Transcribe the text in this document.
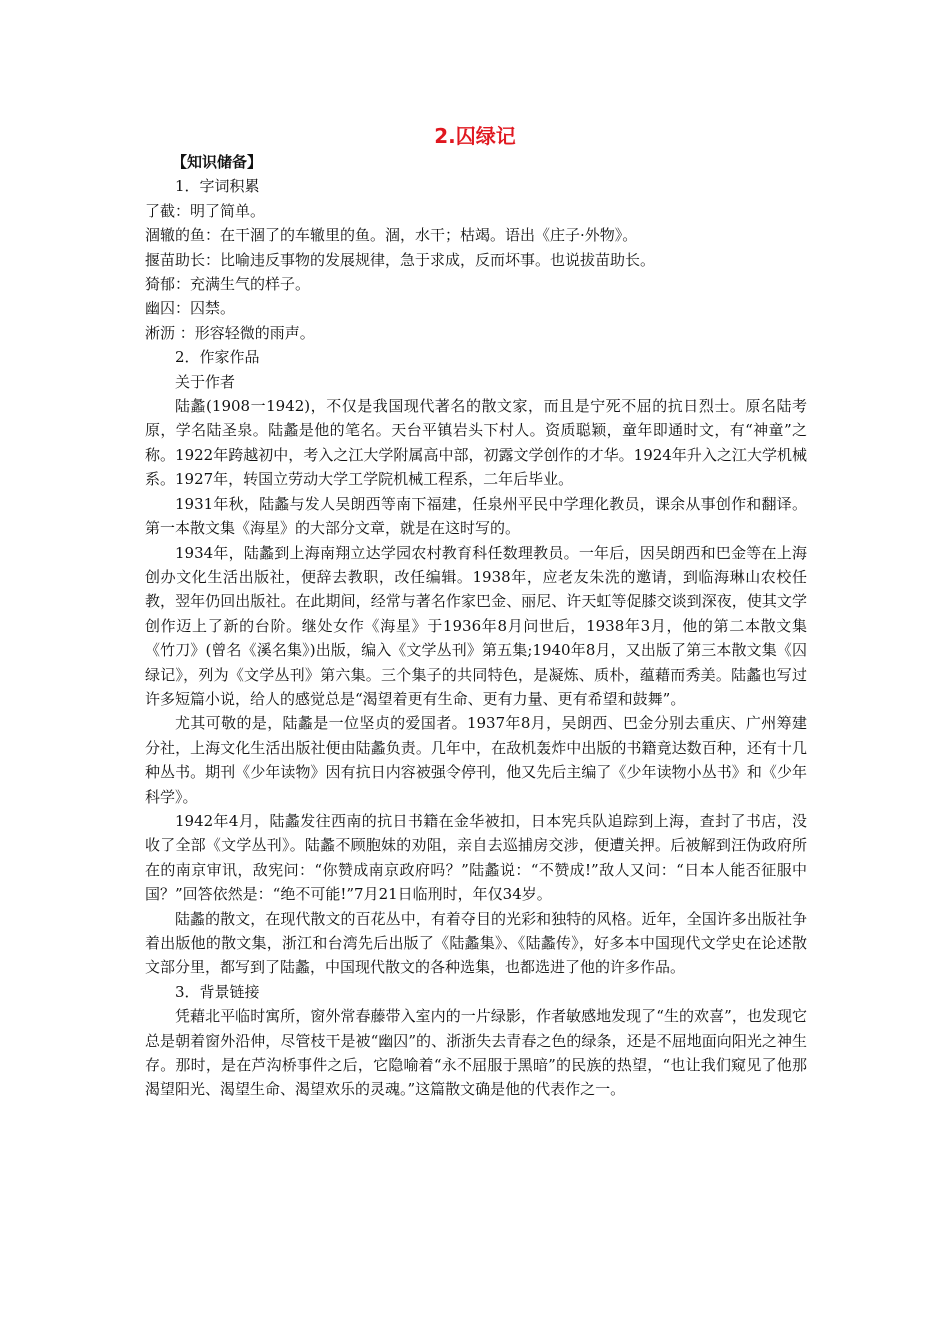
2.囚绿记
【知识储备】
1．字词积累
了截：明了简单。
涸辙的鱼：在干涸了的车辙里的鱼。涸，水干；枯竭。语出《庄子·外物》。
揠苗助长：比喻违反事物的发展规律，急于求成，反而坏事。也说拔苗助长。
猗郁：充满生气的样子。
幽囚：囚禁。
淅沥 ：形容轻微的雨声。
2．作家作品
关于作者

陆蠡(1908一1942)，不仅是我国现代著名的散文家，而且是宁死不屈的抗日烈士。原名陆考原，学名陆圣泉。陆蠡是他的笔名。天台平镇岩头下村人。资质聪颖，童年即通时文，有“神童”之称。1922年跨越初中，考入之江大学附属高中部，初露文学创作的才华。1924年升入之江大学机械系。1927年，转国立劳动大学工学院机械工程系，二年后毕业。

1931年秋，陆蠡与发人吴朗西等南下福建，任泉州平民中学理化教员，课余从事创作和翻译。第一本散文集《海星》的大部分文章，就是在这时写的。

1934年，陆蠡到上海南翔立达学园农村教育科任数理教员。一年后，因吴朗西和巴金等在上海创办文化生活出版社，便辞去教职，改任编辑。1938年，应老友朱洗的邀请，到临海琳山农校任教，翌年仍回出版社。在此期间，经常与著名作家巴金、丽尼、许天虹等促膝交谈到深夜，使其文学创作迈上了新的台阶。继处女作《海星》于1936年8月问世后，1938年3月，他的第二本散文集《竹刀》(曾名《溪名集》)出版，编入《文学丛刊》第五集;1940年8月，又出版了第三本散文集《囚绿记》，列为《文学丛刊》第六集。三个集子的共同特色，是凝炼、质朴，蕴藉而秀美。陆蠡也写过许多短篇小说，给人的感觉总是“渴望着更有生命、更有力量、更有希望和鼓舞”。

尤其可敬的是，陆蠡是一位坚贞的爱国者。1937年8月，吴朗西、巴金分别去重庆、广州筹建分社，上海文化生活出版社便由陆蠡负责。几年中，在敌机轰炸中出版的书籍竟达数百种，还有十几种丛书。期刊《少年读物》因有抗日内容被强令停刊，他又先后主编了《少年读物小丛书》和《少年科学》。

1942年4月，陆蠡发往西南的抗日书籍在金华被扣，日本宪兵队追踪到上海，查封了书店，没收了全部《文学丛刊》。陆蠡不顾胞妹的劝阻，亲自去巡捕房交涉，便遭关押。后被解到汪伪政府所在的南京审讯，敌宪问：“你赞成南京政府吗？”陆蠡说：“不赞成!”敌人又问：“日本人能否征服中国？”回答依然是：“绝不可能!”7月21日临刑时，年仅34岁。

陆蠡的散文，在现代散文的百花丛中，有着夺目的光彩和独特的风格。近年，全国许多出版社争着出版他的散文集，浙江和台湾先后出版了《陆蠡集》、《陆蠡传》，好多本中国现代文学史在论述散文部分里，都写到了陆蠡，中国现代散文的各种选集，也都选进了他的许多作品。

3．背景链接

凭藉北平临时寓所，窗外常春藤带入室内的一片绿影，作者敏感地发现了“生的欢喜”，也发现它总是朝着窗外沿伸，尽管枝干是被“幽囚”的、浙浙失去青春之色的绿条，还是不屈地面向阳光之神生存。那时，是在芦沟桥事件之后，它隐喻着“永不屈服于黑暗”的民族的热望，“也让我们窥见了他那渴望阳光、渴望生命、渴望欢乐的灵魂。”这篇散文确是他的代表作之一。
